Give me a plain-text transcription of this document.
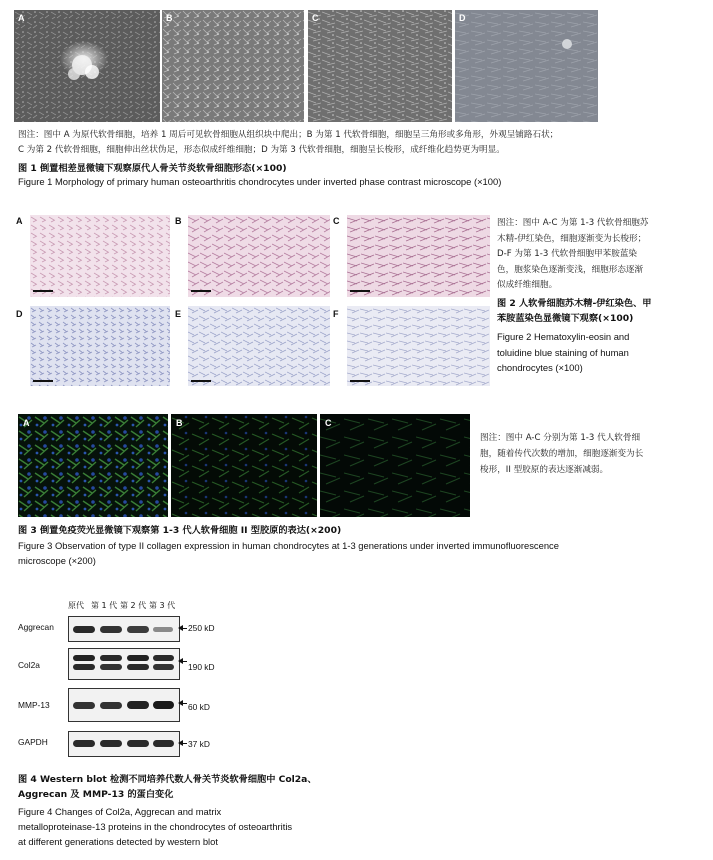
A	B	C	D
图注：图中 A 为原代软骨细胞，培养 1 周后可见软骨细胞从组织块中爬出；B 为第 1 代软骨细胞，细胞呈三角形或多角形，外观呈铺路石状；
C 为第 2 代软骨细胞，细胞伸出丝状伪足，形态似成纤维细胞；D 为第 3 代软骨细胞，细胞呈长梭形，成纤维化趋势更为明显。
图 1 倒置相差显微镜下观察原代人骨关节炎软骨细胞形态(×100)
Figure 1 Morphology of primary human osteoarthritis chondrocytes under inverted phase contrast microscope (×100)
A	B	C
D	E	F
图注：图中 A-C 为第 1-3 代软骨细胞苏
木精-伊红染色，细胞逐渐变为长梭形；
D-F 为第 1-3 代软骨细胞甲苯胺蓝染
色，胞浆染色逐渐变浅，细胞形态逐渐
似成纤维细胞。
图 2 人软骨细胞苏木精-伊红染色、甲
苯胺蓝染色显微镜下观察(×100)
Figure 2 Hematoxylin-eosin and
toluidine blue staining of human
chondrocytes (×100)
A	B	C
图注：图中 A-C 分别为第 1-3 代人软骨细
胞，随着传代次数的增加，细胞逐渐变为长
梭形，II 型胶原的表达逐渐减弱。
图 3 倒置免疫荧光显微镜下观察第 1-3 代人软骨细胞 II 型胶原的表达(×200)
Figure 3 Observation of type II collagen expression in human chondrocytes at 1-3 generations under inverted immunofluorescence
microscope (×200)
原代 第 1 代 第 2 代 第 3 代
Aggrecan	250 kD
Col2a	190 kD
MMP-13	60 kD
GAPDH	37 kD
图 4 Western blot 检测不同培养代数人骨关节炎软骨细胞中 Col2a、
Aggrecan 及 MMP-13 的蛋白变化
Figure 4 Changes of Col2a, Aggrecan and matrix
metalloproteinase-13 proteins in the chondrocytes of osteoarthritis
at different generations detected by western blot
